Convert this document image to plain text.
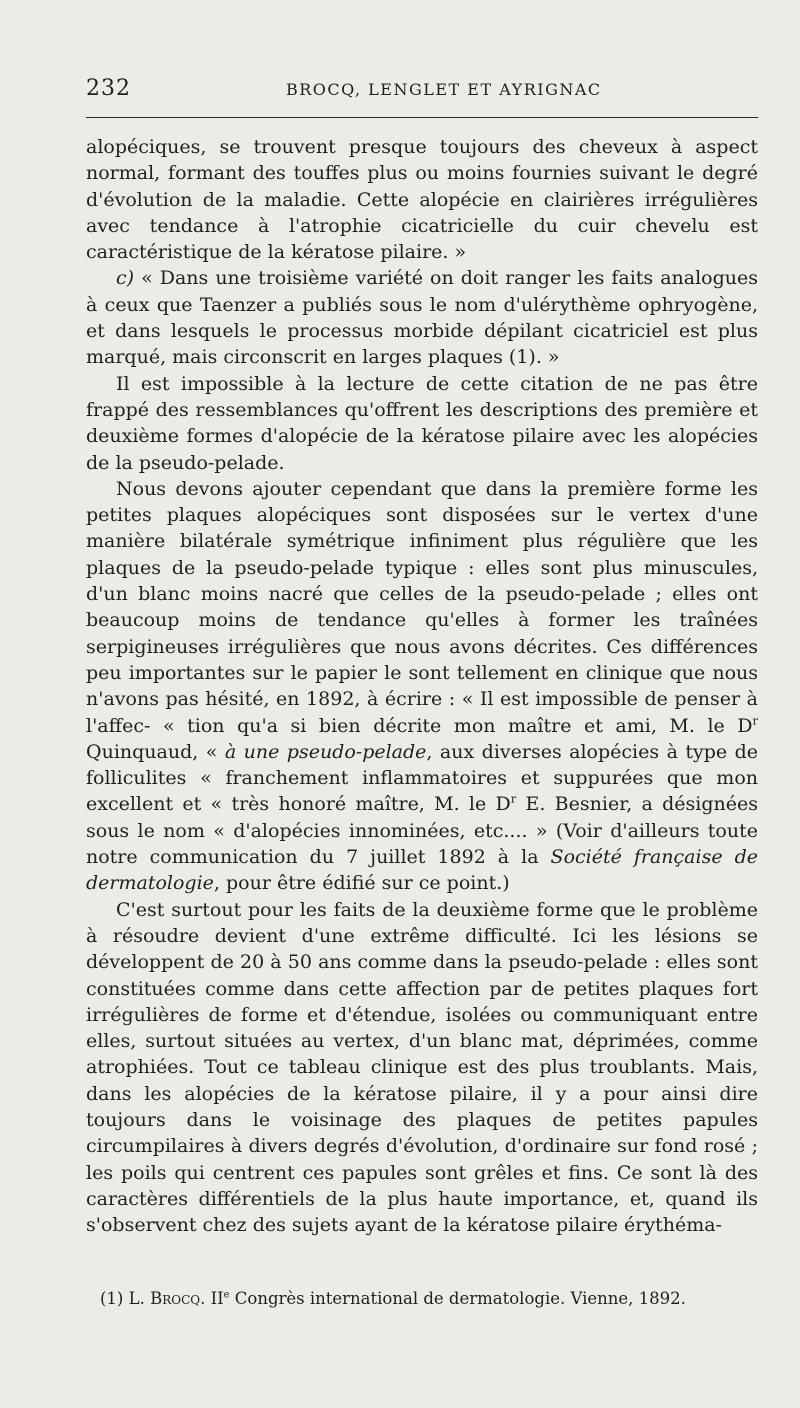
232	BROCQ, LENGLET ET AYRIGNAC

alopéciques, se trouvent presque toujours des cheveux à aspect normal, formant des touffes plus ou moins fournies suivant le degré d'évolution de la maladie. Cette alopécie en clairières irrégulières avec tendance à l'atrophie cicatricielle du cuir chevelu est caractéristique de la kératose pilaire. »

c) « Dans une troisième variété on doit ranger les faits analogues à ceux que Taenzer a publiés sous le nom d'ulérythème ophryogène, et dans lesquels le processus morbide dépilant cicatriciel est plus marqué, mais circonscrit en larges plaques (1). »

Il est impossible à la lecture de cette citation de ne pas être frappé des ressemblances qu'offrent les descriptions des première et deuxième formes d'alopécie de la kératose pilaire avec les alopécies de la pseudo-pelade.

Nous devons ajouter cependant que dans la première forme les petites plaques alopéciques sont disposées sur le vertex d'une manière bilatérale symétrique infiniment plus régulière que les plaques de la pseudo-pelade typique : elles sont plus minuscules, d'un blanc moins nacré que celles de la pseudo-pelade ; elles ont beaucoup moins de tendance qu'elles à former les traînées serpigineuses irrégulières que nous avons décrites. Ces différences peu importantes sur le papier le sont tellement en clinique que nous n'avons pas hésité, en 1892, à écrire : « Il est impossible de penser à l'affec- « tion qu'a si bien décrite mon maître et ami, M. le $D^r$ Quinquaud, « à une pseudo-pelade, aux diverses alopécies à type de folliculites « franchement inflammatoires et suppurées que mon excellent et « très honoré maître, M. le $D^r$ E. Besnier, a désignées sous le nom « d'alopécies innominées, etc.... » (Voir d'ailleurs toute notre communication du 7 juillet 1892 à la Société française de dermatologie, pour être édifié sur ce point.)

C'est surtout pour les faits de la deuxième forme que le problème à résoudre devient d'une extrême difficulté. Ici les lésions se développent de 20 à 50 ans comme dans la pseudo-pelade : elles sont constituées comme dans cette affection par de petites plaques fort irrégulières de forme et d'étendue, isolées ou communiquant entre elles, surtout situées au vertex, d'un blanc mat, déprimées, comme atrophiées. Tout ce tableau clinique est des plus troublants. Mais, dans les alopécies de la kératose pilaire, il y a pour ainsi dire toujours dans le voisinage des plaques de petites papules circumpilaires à divers degrés d'évolution, d'ordinaire sur fond rosé ; les poils qui centrent ces papules sont grêles et fins. Ce sont là des caractères différentiels de la plus haute importance, et, quand ils s'observent chez des sujets ayant de la kératose pilaire érythéma-

(1) L. Brocq. IIe Congrès international de dermatologie. Vienne, 1892.
